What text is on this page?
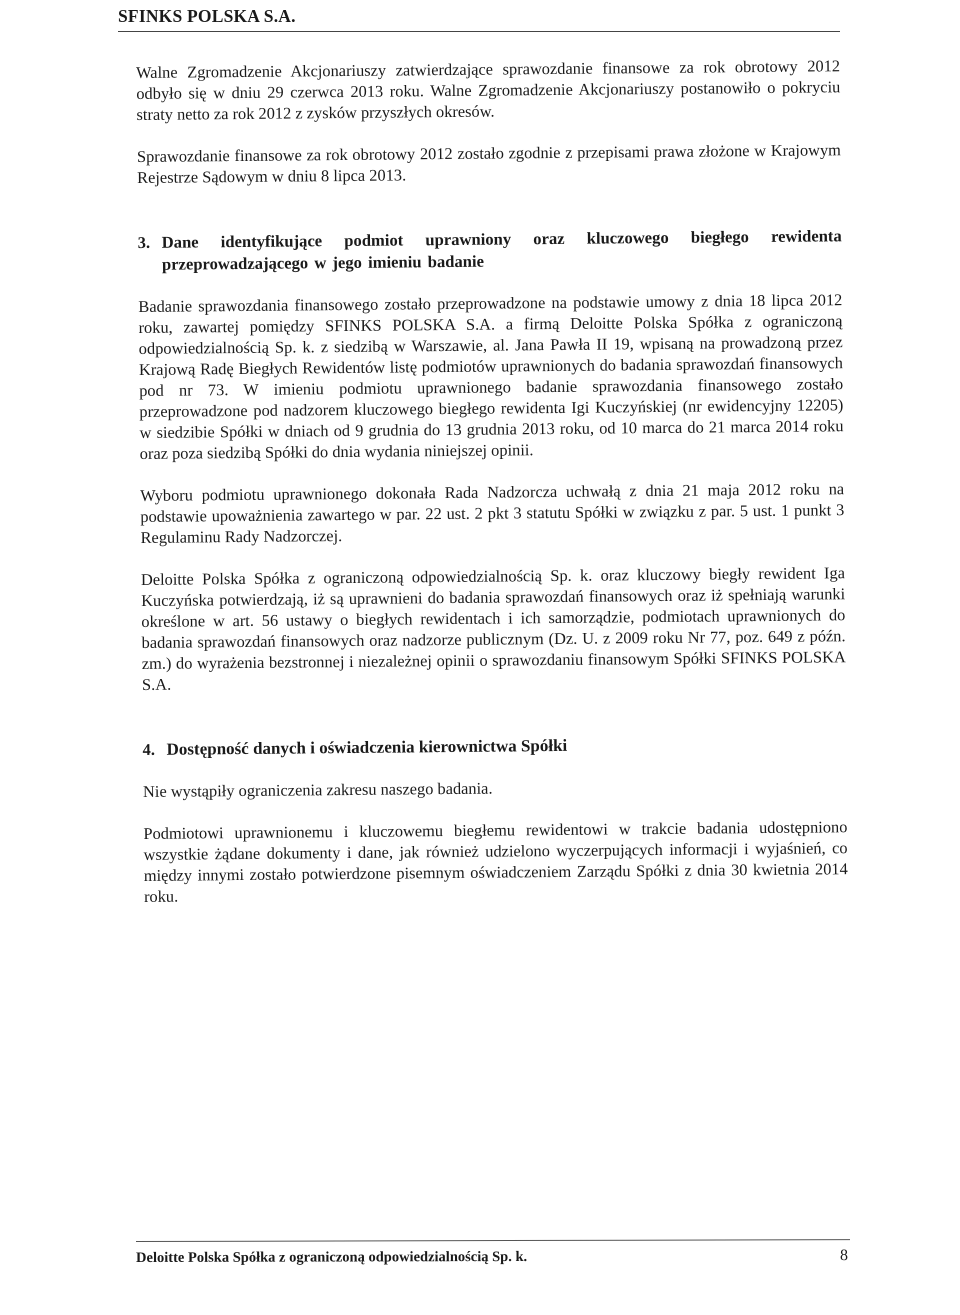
SFINKS POLSKA S.A.

Walne Zgromadzenie Akcjonariuszy zatwierdzające sprawozdanie finansowe za rok obrotowy 2012 odbyło się w dniu 29 czerwca 2013 roku. Walne Zgromadzenie Akcjonariuszy postanowiło o pokryciu straty netto za rok 2012 z zysków przyszłych okresów.

Sprawozdanie finansowe za rok obrotowy 2012 zostało zgodnie z przepisami prawa złożone w Krajowym Rejestrze Sądowym w dniu 8 lipca 2013.

3. Dane identyfikujące podmiot uprawniony oraz kluczowego biegłego rewidenta przeprowadzającego w jego imieniu badanie

Badanie sprawozdania finansowego zostało przeprowadzone na podstawie umowy z dnia 18 lipca 2012 roku, zawartej pomiędzy SFINKS POLSKA S.A. a firmą Deloitte Polska Spółka z ograniczoną odpowiedzialnością Sp. k. z siedzibą w Warszawie, al. Jana Pawła II 19, wpisaną na prowadzoną przez Krajową Radę Biegłych Rewidentów listę podmiotów uprawnionych do badania sprawozdań finansowych pod nr 73. W imieniu podmiotu uprawnionego badanie sprawozdania finansowego zostało przeprowadzone pod nadzorem kluczowego biegłego rewidenta Igi Kuczyńskiej (nr ewidencyjny 12205) w siedzibie Spółki w dniach od 9 grudnia do 13 grudnia 2013 roku, od 10 marca do 21 marca 2014 roku oraz poza siedzibą Spółki do dnia wydania niniejszej opinii.

Wyboru podmiotu uprawnionego dokonała Rada Nadzorcza uchwałą z dnia 21 maja 2012 roku na podstawie upoważnienia zawartego w par. 22 ust. 2 pkt 3 statutu Spółki w związku z par. 5 ust. 1 punkt 3 Regulaminu Rady Nadzorczej.

Deloitte Polska Spółka z ograniczoną odpowiedzialnością Sp. k. oraz kluczowy biegły rewident Iga Kuczyńska potwierdzają, iż są uprawnieni do badania sprawozdań finansowych oraz iż spełniają warunki określone w art. 56 ustawy o biegłych rewidentach i ich samorządzie, podmiotach uprawnionych do badania sprawozdań finansowych oraz nadzorze publicznym (Dz. U. z 2009 roku Nr 77, poz. 649 z późn. zm.) do wyrażenia bezstronnej i niezależnej opinii o sprawozdaniu finansowym Spółki SFINKS POLSKA S.A.

4. Dostępność danych i oświadczenia kierownictwa Spółki

Nie wystąpiły ograniczenia zakresu naszego badania.

Podmiotowi uprawnionemu i kluczowemu biegłemu rewidentowi w trakcie badania udostępniono wszystkie żądane dokumenty i dane, jak również udzielono wyczerpujących informacji i wyjaśnień, co między innymi zostało potwierdzone pisemnym oświadczeniem Zarządu Spółki z dnia 30 kwietnia 2014 roku.

Deloitte Polska Spółka z ograniczoną odpowiedzialnością Sp. k.	8
